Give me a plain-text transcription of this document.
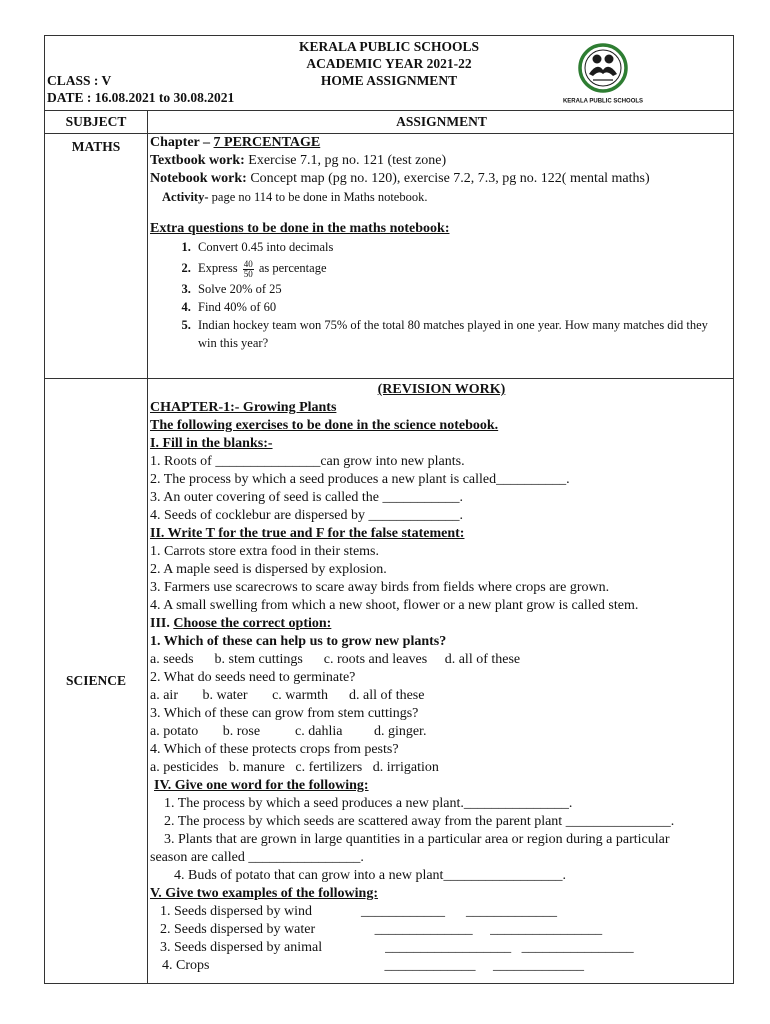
KERALA PUBLIC SCHOOLS
ACADEMIC YEAR 2021-22
HOME ASSIGNMENT
CLASS : V
DATE : 16.08.2021 to 30.08.2021	KERALA PUBLIC SCHOOLS
SUBJECT	ASSIGNMENT
MATHS	Chapter – 7 PERCENTAGE
Textbook work: Exercise 7.1, pg no. 121 (test zone)
Notebook work: Concept map (pg no. 120), exercise 7.2, 7.3, pg no. 122( mental maths)
Activity- page no 114 to be done in Maths notebook.
Extra questions to be done in the maths notebook:
1. Convert 0.45 into decimals
2. Express $\frac{40}{50}$ as percentage
3. Solve 20% of 25
4. Find 40% of 60
5. Indian hockey team won 75% of the total 80 matches played in one year. How many matches did they win this year?
SCIENCE
(REVISION WORK)
CHAPTER-1:- Growing Plants
The following exercises to be done in the science notebook.
I. Fill in the blanks:-
1. Roots of _______________can grow into new plants.
2. The process by which a seed produces a new plant is called__________.
3. An outer covering of seed is called the ___________.
4. Seeds of cocklebur are dispersed by _____________.
II. Write T for the true and F for the false statement:
1. Carrots store extra food in their stems.
2. A maple seed is dispersed by explosion.
3. Farmers use scarecrows to scare away birds from fields where crops are grown.
4. A small swelling from which a new shoot, flower or a new plant grow is called stem.
III. Choose the correct option:
1. Which of these can help us to grow new plants?
a. seeds      b. stem cuttings      c. roots and leaves     d. all of these
2. What do seeds need to germinate?
a. air       b. water       c. warmth      d. all of these
3. Which of these can grow from stem cuttings?
a. potato       b. rose          c. dahlia         d. ginger.
4. Which of these protects crops from pests?
a. pesticides   b. manure   c. fertilizers   d. irrigation
IV. Give one word for the following:
1. The process by which a seed produces a new plant._______________.
2. The process by which seeds are scattered away from the parent plant _______________.
3. Plants that are grown in large quantities in a particular area or region during a particular
season are called ________________.
4. Buds of potato that can grow into a new plant_________________.
V. Give two examples of the following:
1. Seeds dispersed by wind              ____________      _____________
2. Seeds dispersed by water                 ______________     ________________
3. Seeds dispersed by animal                  __________________   ________________
4. Crops                                                  _____________     _____________
